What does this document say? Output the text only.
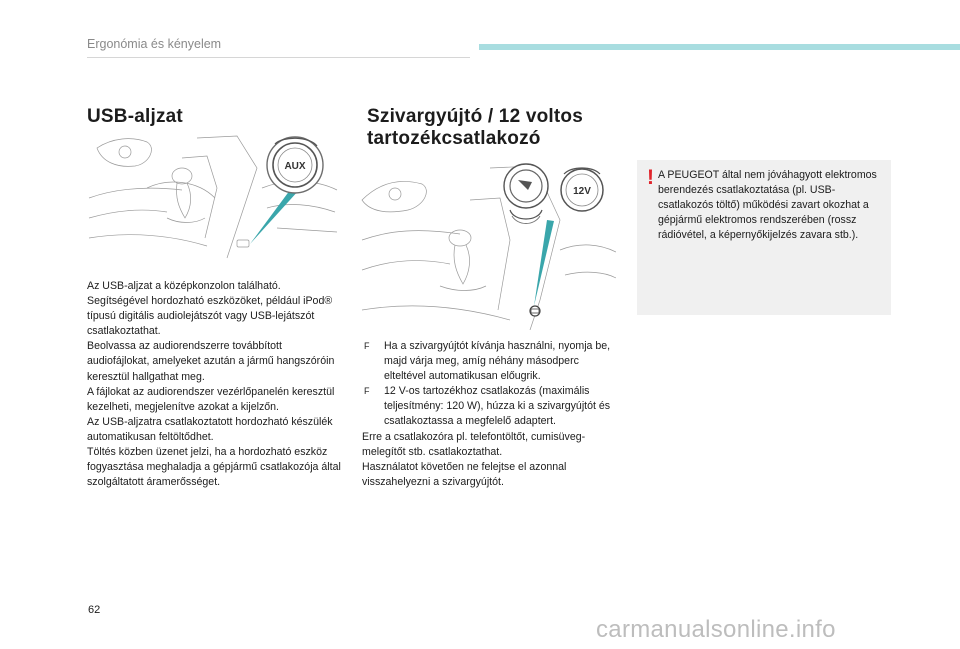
Ergonómia és kényelem
USB-aljzat
AUX

Az USB-aljzat a középkonzolon található.

Segítségével hordozható eszközöket, például iPod® típusú digitális audiolejátszót vagy USB-lejátszót csatlakoztathat.

Beolvassa az audiorendszerre továbbított audiofájlokat, amelyeket azután a jármű hangszóróin keresztül hallgathat meg.

A fájlokat az audiorendszer vezérlőpanelén keresztül kezelheti, megjelenítve azokat a kijelzőn.

Az USB-aljzatra csatlakoztatott hordozható készülék automatikusan feltöltődhet.

Töltés közben üzenet jelzi, ha a hordozható eszköz fogyasztása meghaladja a gépjármű csatlakozója által szolgáltatott áramerősséget.

Szivargyújtó / 12 voltos tartozékcsatlakozó
12V
F Ha a szivargyújtót kívánja használni, nyomja be, majd várja meg, amíg néhány másodperc elteltével automatikusan előugrik.
F 12 V-os tartozékhoz csatlakozás (maximális teljesítmény: 120 W), húzza ki a szivargyújtót és csatlakoztassa a megfelelő adaptert.

Erre a csatlakozóra pl. telefontöltőt, cumisüveg-melegítőt stb. csatlakoztathat.

Használatot követően ne felejtse el azonnal visszahelyezni a szivargyújtót.

! A PEUGEOT által nem jóváhagyott elektromos berendezés csatlakoztatása (pl. USB-csatlakozós töltő) működési zavart okozhat a gépjármű elektromos rendszerében (rossz rádióvétel, a képernyőkijelzés zavara stb.).
62
carmanualsonline.info
